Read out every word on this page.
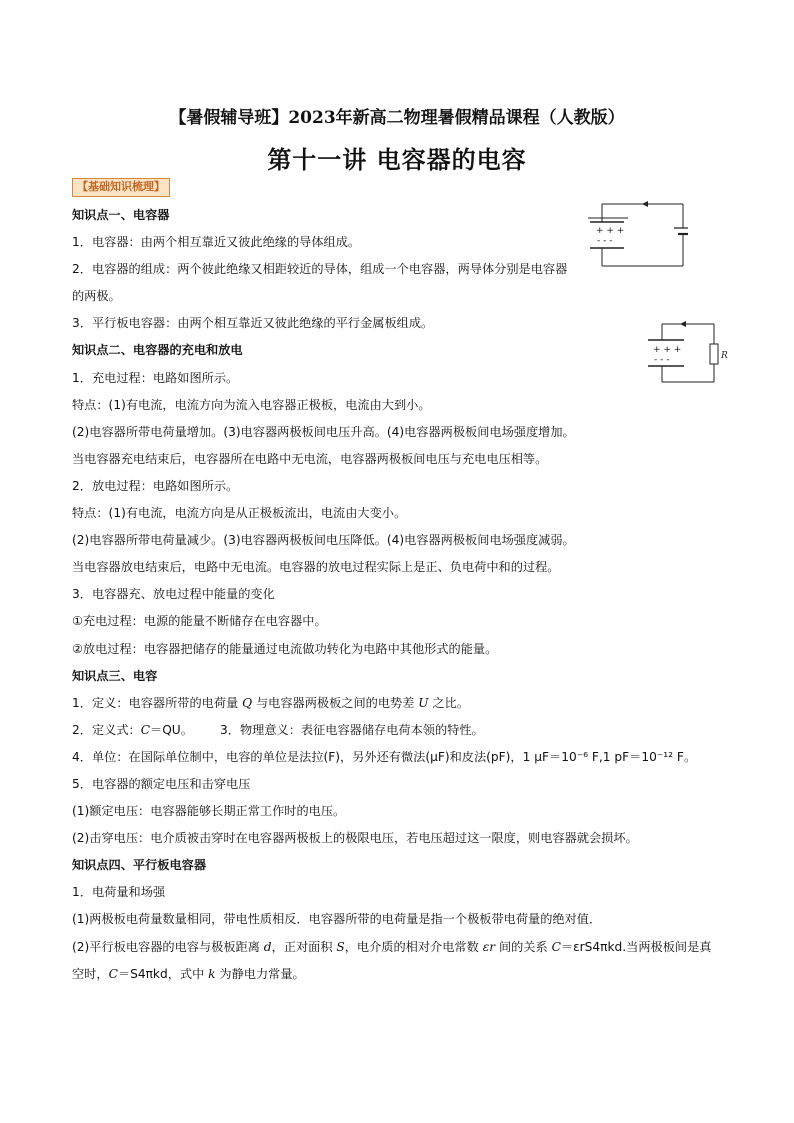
【暑假辅导班】2023年新高二物理暑假精品课程（人教版）
第十一讲 电容器的电容
【基础知识梳理】
+ + +
- - -
+ + +
- - -	R
知识点一、电容器
1．电容器：由两个相互靠近又彼此绝缘的导体组成。
2．电容器的组成：两个彼此绝缘又相距较近的导体，组成一个电容器，两导体分别是电容器的两极。
3．平行板电容器：由两个相互靠近又彼此绝缘的平行金属板组成。
知识点二、电容器的充电和放电
1．充电过程：电路如图所示。
特点：(1)有电流，电流方向为流入电容器正极板，电流由大到小。
(2)电容器所带电荷量增加。(3)电容器两极板间电压升高。(4)电容器两极板间电场强度增加。
当电容器充电结束后，电容器所在电路中无电流，电容器两极板间电压与充电电压相等。
2．放电过程：电路如图所示。
特点：(1)有电流，电流方向是从正极板流出，电流由大变小。
(2)电容器所带电荷量减少。(3)电容器两极板间电压降低。(4)电容器两极板间电场强度减弱。
当电容器放电结束后，电路中无电流。电容器的放电过程实际上是正、负电荷中和的过程。
3．电容器充、放电过程中能量的变化
①充电过程：电源的能量不断储存在电容器中。
②放电过程：电容器把储存的能量通过电流做功转化为电路中其他形式的能量。
知识点三、电容
1．定义：电容器所带的电荷量 Q 与电容器两极板之间的电势差 U 之比。
2．定义式：C＝QU。 3．物理意义：表征电容器储存电荷本领的特性。
4．单位：在国际单位制中，电容的单位是法拉(F)，另外还有微法(μF)和皮法(pF)，1 μF＝10⁻⁶ F,1 pF＝10⁻¹² F。
5．电容器的额定电压和击穿电压
(1)额定电压：电容器能够长期正常工作时的电压。
(2)击穿电压：电介质被击穿时在电容器两极板上的极限电压，若电压超过这一限度，则电容器就会损坏。
知识点四、平行板电容器
1．电荷量和场强
(1)两极板电荷量数量相同，带电性质相反．电容器所带的电荷量是指一个极板带电荷量的绝对值．
(2)平行板电容器的电容与极板距离 d，正对面积 S，电介质的相对介电常数 εr 间的关系 C＝εrS4πkd.当两极板间是真空时，C＝S4πkd，式中 k 为静电力常量。
